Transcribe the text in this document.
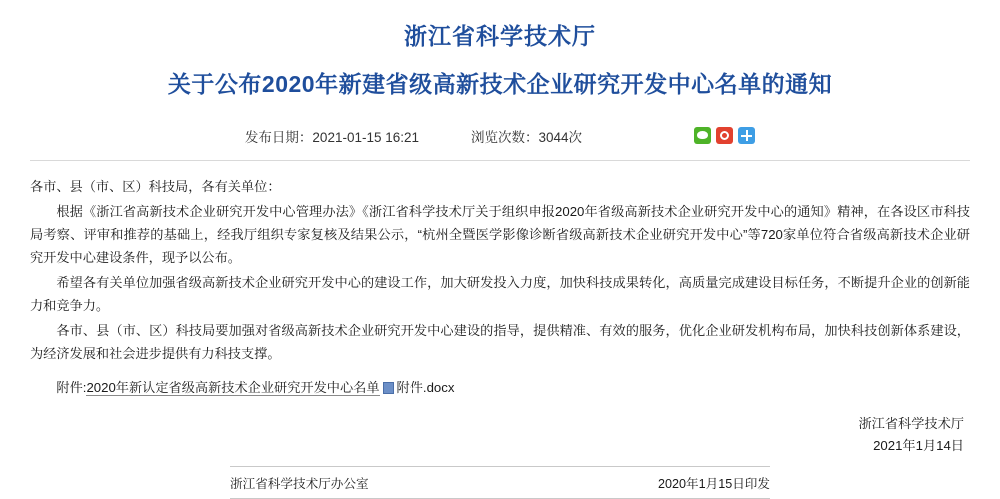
浙江省科学技术厅
关于公布2020年新建省级高新技术企业研究开发中心名单的通知
发布日期：2021-01-15 16:21	浏览次数：3044次

各市、县（市、区）科技局，各有关单位：

根据《浙江省高新技术企业研究开发中心管理办法》《浙江省科学技术厅关于组织申报2020年省级高新技术企业研究开发中心的通知》精神，在各设区市科技局考察、评审和推荐的基础上，经我厅组织专家复核及结果公示，“杭州全暨医学影像诊断省级高新技术企业研究开发中心”等720家单位符合省级高新技术企业研究开发中心建设条件，现予以公布。

希望各有关单位加强省级高新技术企业研究开发中心的建设工作，加大研发投入力度，加快科技成果转化，高质量完成建设目标任务，不断提升企业的创新能力和竞争力。

各市、县（市、区）科技局要加强对省级高新技术企业研究开发中心建设的指导，提供精准、有效的服务，优化企业研发机构布局，加快科技创新体系建设，为经济发展和社会进步提供有力科技支撑。

附件:2020年新认定省级高新技术企业研究开发中心名单 W 附件.docx
浙江省科学技术厅
2021年1月14日
浙江省科学技术厅办公室	2020年1月15日印发
